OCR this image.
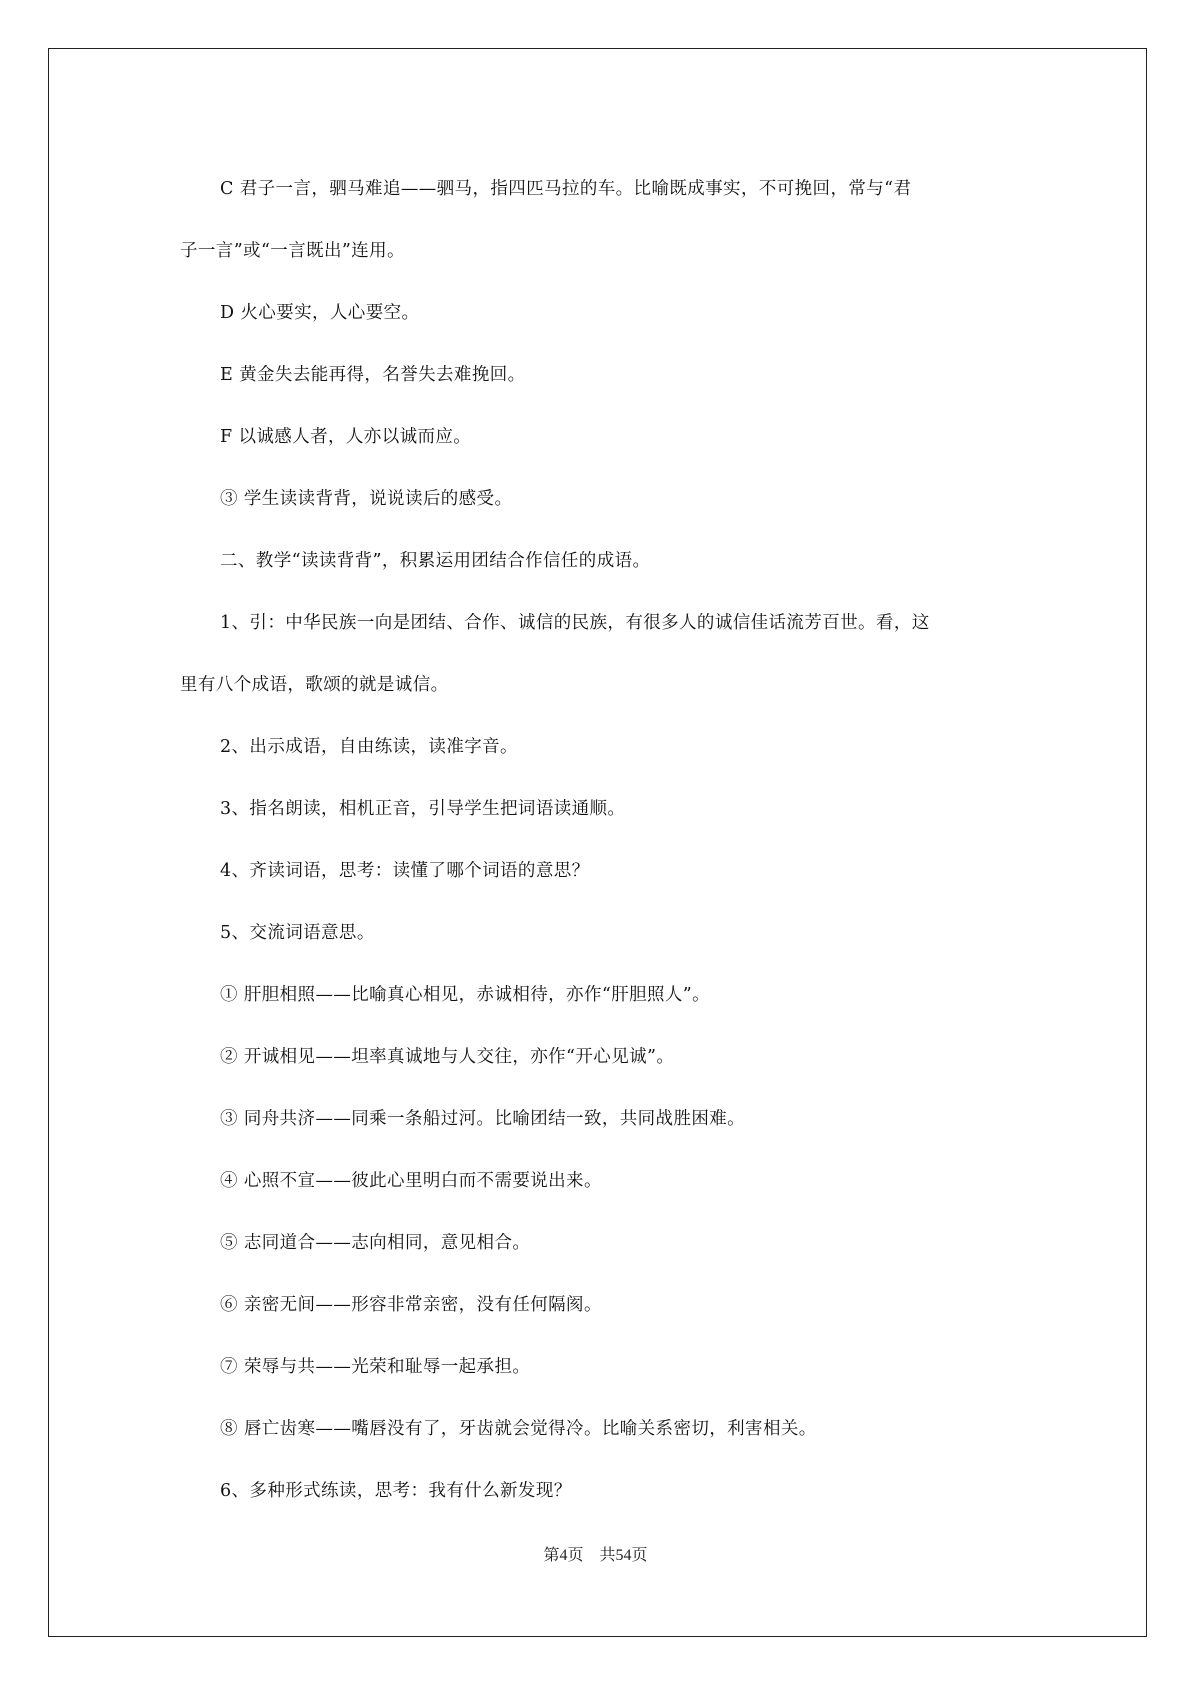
C 君子一言，驷马难追——驷马，指四匹马拉的车。比喻既成事实，不可挽回，常与“君

子一言”或“一言既出”连用。

D 火心要实，人心要空。

E 黄金失去能再得，名誉失去难挽回。

F 以诚感人者，人亦以诚而应。

③ 学生读读背背，说说读后的感受。

二、教学“读读背背”，积累运用团结合作信任的成语。

1、引：中华民族一向是团结、合作、诚信的民族，有很多人的诚信佳话流芳百世。看，这

里有八个成语，歌颂的就是诚信。

2、出示成语，自由练读，读准字音。

3、指名朗读，相机正音，引导学生把词语读通顺。

4、齐读词语，思考：读懂了哪个词语的意思？

5、交流词语意思。

① 肝胆相照——比喻真心相见，赤诚相待，亦作“肝胆照人”。

② 开诚相见——坦率真诚地与人交往，亦作“开心见诚”。

③ 同舟共济——同乘一条船过河。比喻团结一致，共同战胜困难。

④ 心照不宣——彼此心里明白而不需要说出来。

⑤ 志同道合——志向相同，意见相合。

⑥ 亲密无间——形容非常亲密，没有任何隔阂。

⑦ 荣辱与共——光荣和耻辱一起承担。

⑧ 唇亡齿寒——嘴唇没有了，牙齿就会觉得冷。比喻关系密切，利害相关。

6、多种形式练读，思考：我有什么新发现？

第4页 共54页
